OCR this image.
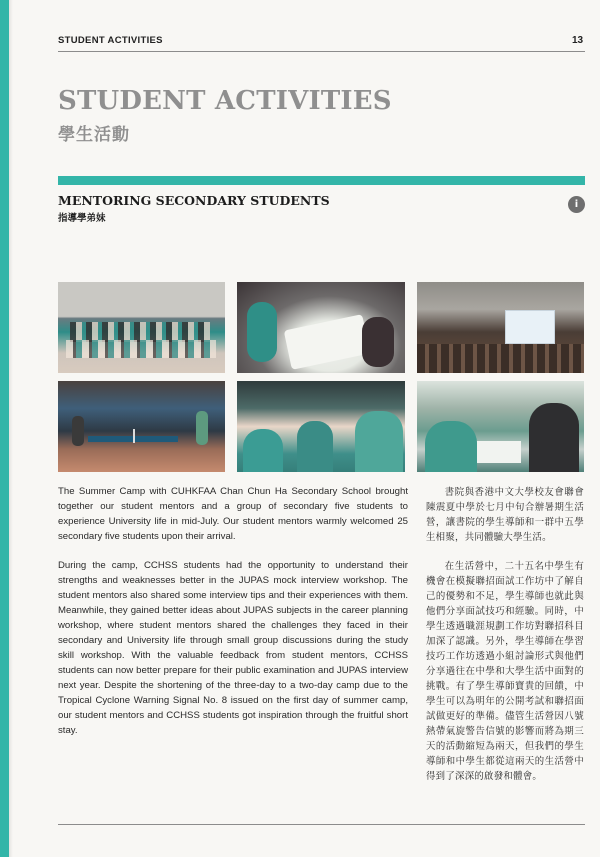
STUDENT ACTIVITIES	13
STUDENT ACTIVITIES
學生活動
MENTORING SECONDARY STUDENTS
指導學弟妹
i

The Summer Camp with CUHKFAA Chan Chun Ha Secondary School brought together our student mentors and a group of secondary five students to experience University life in mid-July. Our student mentors warmly welcomed 25 secondary five students upon their arrival.

During the camp, CCHSS students had the opportunity to understand their strengths and weaknesses better in the JUPAS mock interview workshop. The student mentors also shared some interview tips and their experiences with them. Meanwhile, they gained better ideas about JUPAS subjects in the career planning workshop, where student mentors shared the challenges they faced in their secondary and University life through small group discussions during the study skill workshop. With the valuable feedback from student mentors, CCHSS students can now better prepare for their public examination and JUPAS interview next year. Despite the shortening of the three-day to a two-day camp due to the Tropical Cyclone Warning Signal No. 8 issued on the first day of summer camp, our student mentors and CCHSS students got inspiration through the fruitful short stay.

書院與香港中文大學校友會聯會陳震夏中學於七月中旬合辦暑期生活營，讓書院的學生導師和一群中五學生相聚，共同體驗大學生活。

在生活營中，二十五名中學生有機會在模擬聯招面試工作坊中了解自己的優勢和不足，學生導師也就此與他們分享面試技巧和經驗。同時，中學生透過職涯規劃工作坊對聯招科目加深了認識。另外，學生導師在學習技巧工作坊透過小組討論形式與他們分享過往在中學和大學生活中面對的挑戰。有了學生導師寶貴的回饋，中學生可以為明年的公開考試和聯招面試做更好的準備。儘管生活營因八號熱帶氣旋警告信號的影響而將為期三天的活動縮短為兩天，但我們的學生導師和中學生都從這兩天的生活營中得到了深深的啟發和體會。
